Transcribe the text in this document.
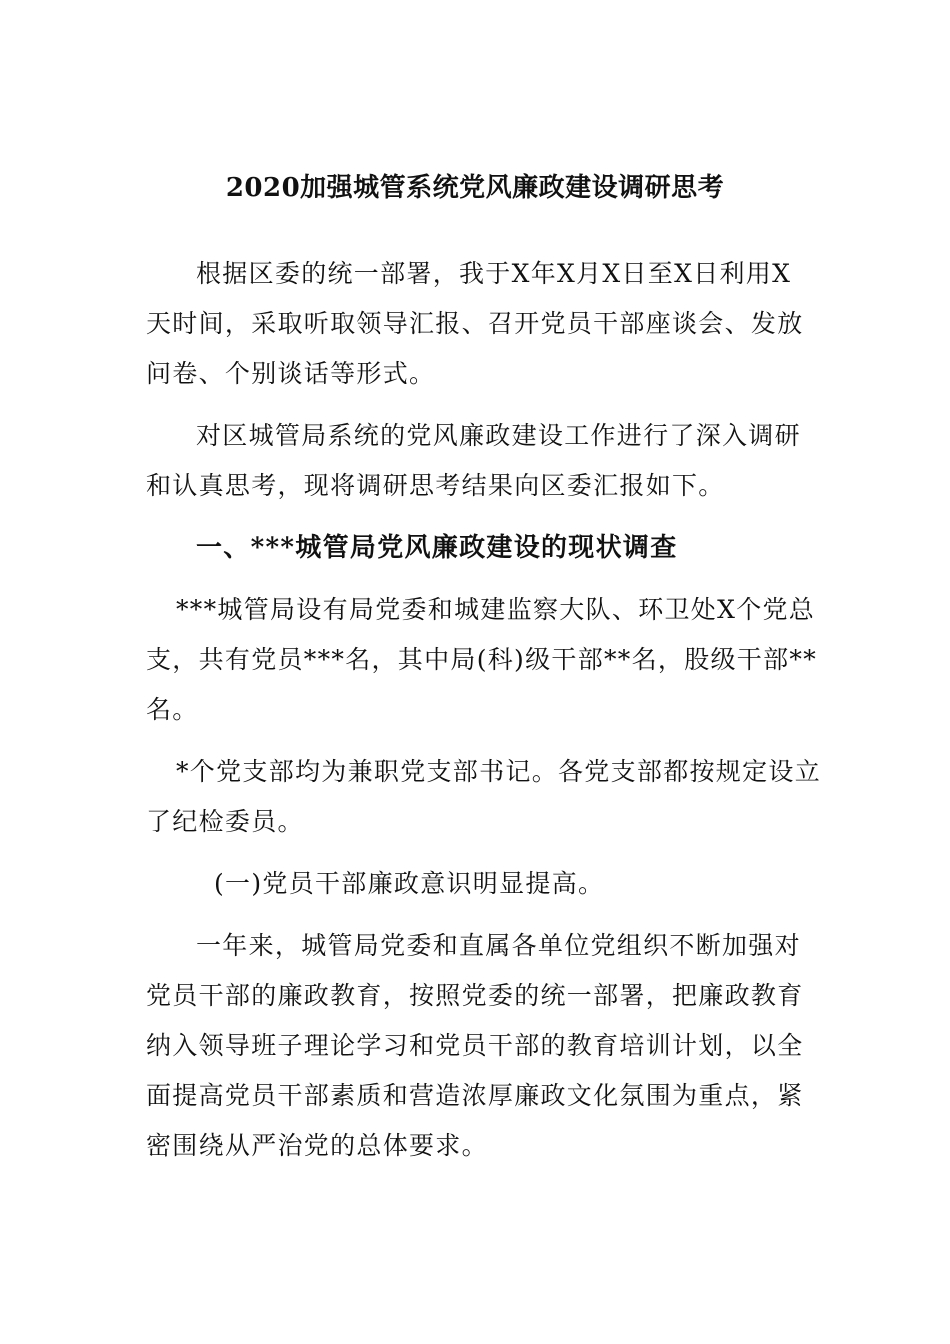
2020加强城管系统党风廉政建设调研思考
根据区委的统一部署，我于X年X月X日至X日利用X
天时间，采取听取领导汇报、召开党员干部座谈会、发放
问卷、个别谈话等形式。
对区城管局系统的党风廉政建设工作进行了深入调研
和认真思考，现将调研思考结果向区委汇报如下。
一、***城管局党风廉政建设的现状调查
***城管局设有局党委和城建监察大队、环卫处X个党总
支，共有党员***名，其中局(科)级干部**名，股级干部**
名。
*个党支部均为兼职党支部书记。各党支部都按规定设立
了纪检委员。
(一)党员干部廉政意识明显提高。
一年来，城管局党委和直属各单位党组织不断加强对
党员干部的廉政教育，按照党委的统一部署，把廉政教育
纳入领导班子理论学习和党员干部的教育培训计划，以全
面提高党员干部素质和营造浓厚廉政文化氛围为重点，紧
密围绕从严治党的总体要求。
